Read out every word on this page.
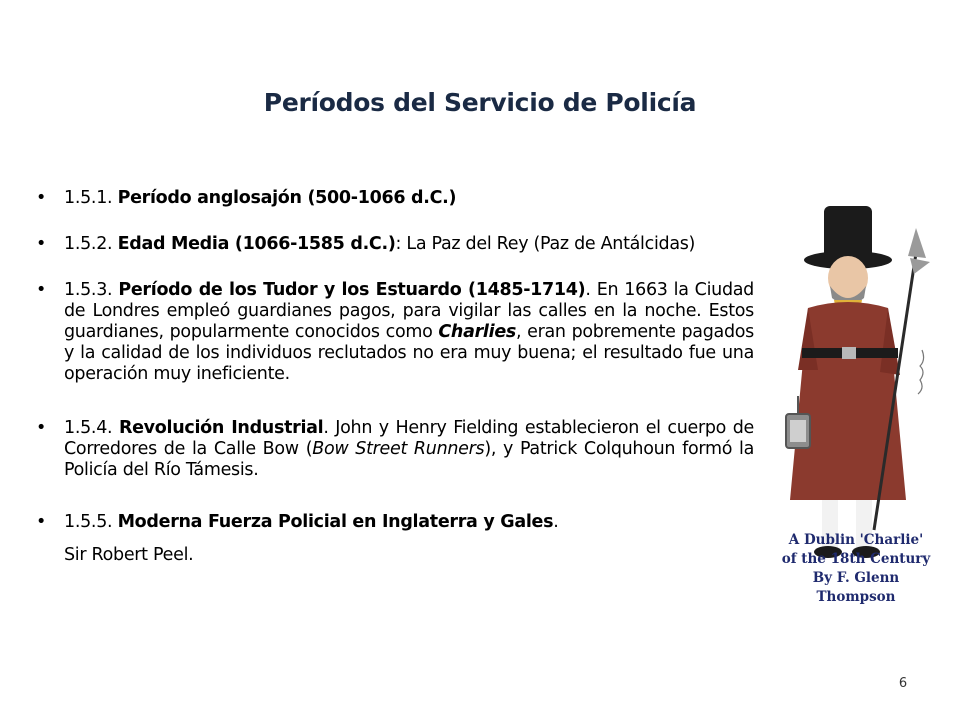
Períodos del Servicio de Policía
• 1.5.1. Período anglosajón (500-1066 d.C.)
• 1.5.2. Edad Media (1066-1585 d.C.): La Paz del Rey (Paz de Antálcidas)
• 1.5.3. Período de los Tudor y los Estuardo (1485-1714). En 1663 la Ciudad de Londres empleó guardianes pagos, para vigilar las calles en la noche. Estos guardianes, popularmente conocidos como Charlies, eran pobremente pagados y la calidad de los individuos reclutados no era muy buena; el resultado fue una operación muy ineficiente.
• 1.5.4. Revolución Industrial. John y Henry Fielding establecieron el cuerpo de Corredores de la Calle Bow (Bow Street Runners), y Patrick Colquhoun formó la Policía del Río Támesis.
• 1.5.5. Moderna Fuerza Policial en Inglaterra y Gales.
Sir Robert Peel.
A Dublin 'Charlie'
of the 18th Century
By F. Glenn Thompson
6
